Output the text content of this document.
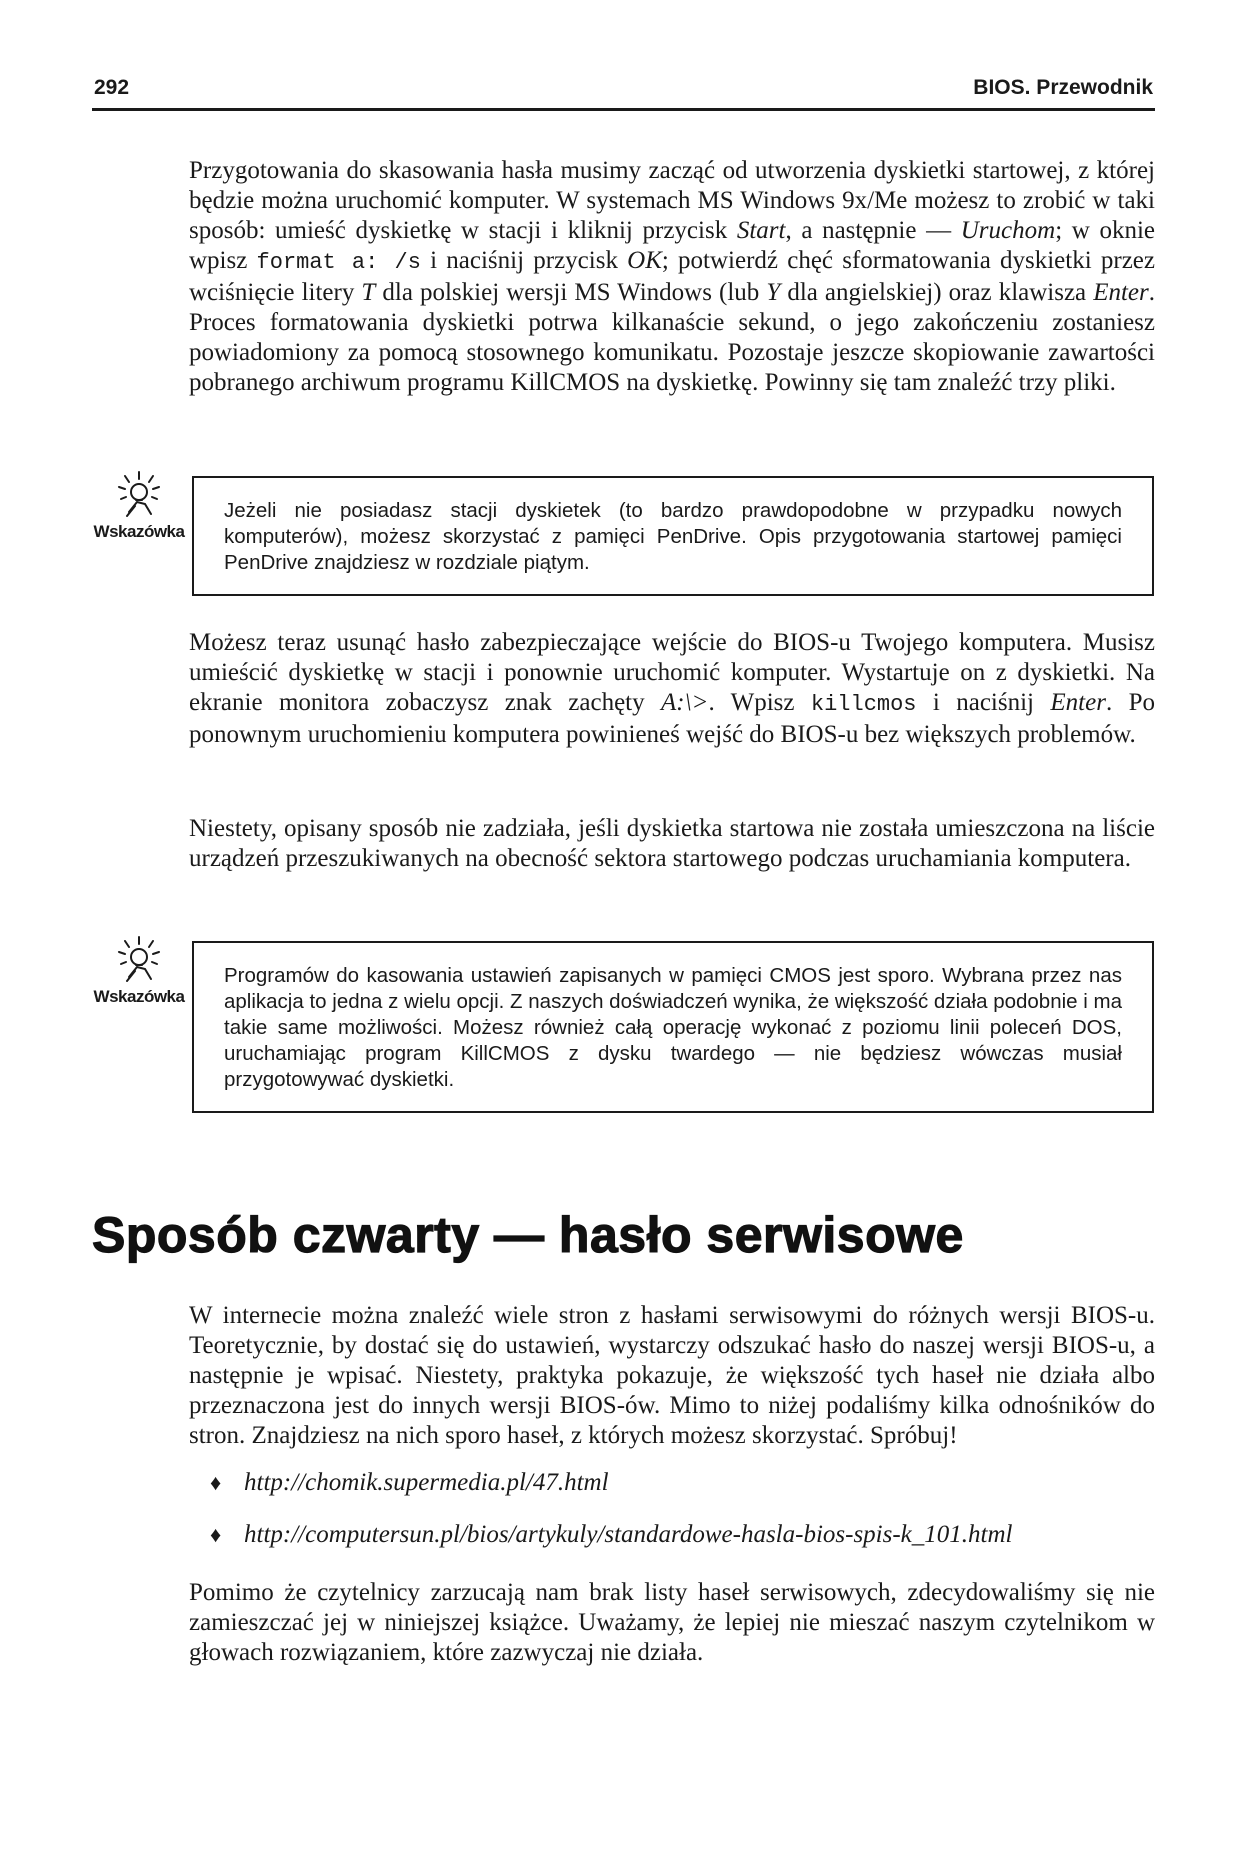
292	BIOS. Przewodnik

Przygotowania do skasowania hasła musimy zacząć od utworzenia dyskietki startowej, z której będzie można uruchomić komputer. W systemach MS Windows 9x/Me możesz to zrobić w taki sposób: umieść dyskietkę w stacji i kliknij przycisk Start, a następnie — Uruchom; w oknie wpisz format a: /s i naciśnij przycisk OK; potwierdź chęć sformatowania dyskietki przez wciśnięcie litery T dla polskiej wersji MS Windows (lub Y dla angielskiej) oraz klawisza Enter. Proces formatowania dyskietki potrwa kilkanaście sekund, o jego zakończeniu zostaniesz powiadomiony za pomocą stosownego komunikatu. Pozostaje jeszcze skopiowanie zawartości pobranego archiwum programu KillCMOS na dyskietkę. Powinny się tam znaleźć trzy pliki.

Wskazówka
Jeżeli nie posiadasz stacji dyskietek (to bardzo prawdopodobne w przypadku nowych komputerów), możesz skorzystać z pamięci PenDrive. Opis przygotowania startowej pamięci PenDrive znajdziesz w rozdziale piątym.

Możesz teraz usunąć hasło zabezpieczające wejście do BIOS-u Twojego komputera. Musisz umieścić dyskietkę w stacji i ponownie uruchomić komputer. Wystartuje on z dyskietki. Na ekranie monitora zobaczysz znak zachęty A:\>. Wpisz killcmos i naciśnij Enter. Po ponownym uruchomieniu komputera powinieneś wejść do BIOS-u bez większych problemów.

Niestety, opisany sposób nie zadziała, jeśli dyskietka startowa nie została umieszczona na liście urządzeń przeszukiwanych na obecność sektora startowego podczas uruchamiania komputera.

Wskazówka
Programów do kasowania ustawień zapisanych w pamięci CMOS jest sporo. Wybrana przez nas aplikacja to jedna z wielu opcji. Z naszych doświadczeń wynika, że większość działa podobnie i ma takie same możliwości. Możesz również całą operację wykonać z poziomu linii poleceń DOS, uruchamiając program KillCMOS z dysku twardego — nie będziesz wówczas musiał przygotowywać dyskietki.
Sposób czwarty — hasło serwisowe

W internecie można znaleźć wiele stron z hasłami serwisowymi do różnych wersji BIOS-u. Teoretycznie, by dostać się do ustawień, wystarczy odszukać hasło do naszej wersji BIOS-u, a następnie je wpisać. Niestety, praktyka pokazuje, że większość tych haseł nie działa albo przeznaczona jest do innych wersji BIOS-ów. Mimo to niżej podaliśmy kilka odnośników do stron. Znajdziesz na nich sporo haseł, z których możesz skorzystać. Spróbuj!

♦ http://chomik.supermedia.pl/47.html
♦ http://computersun.pl/bios/artykuly/standardowe-hasla-bios-spis-k_101.html

Pomimo że czytelnicy zarzucają nam brak listy haseł serwisowych, zdecydowaliśmy się nie zamieszczać jej w niniejszej książce. Uważamy, że lepiej nie mieszać naszym czytelnikom w głowach rozwiązaniem, które zazwyczaj nie działa.
